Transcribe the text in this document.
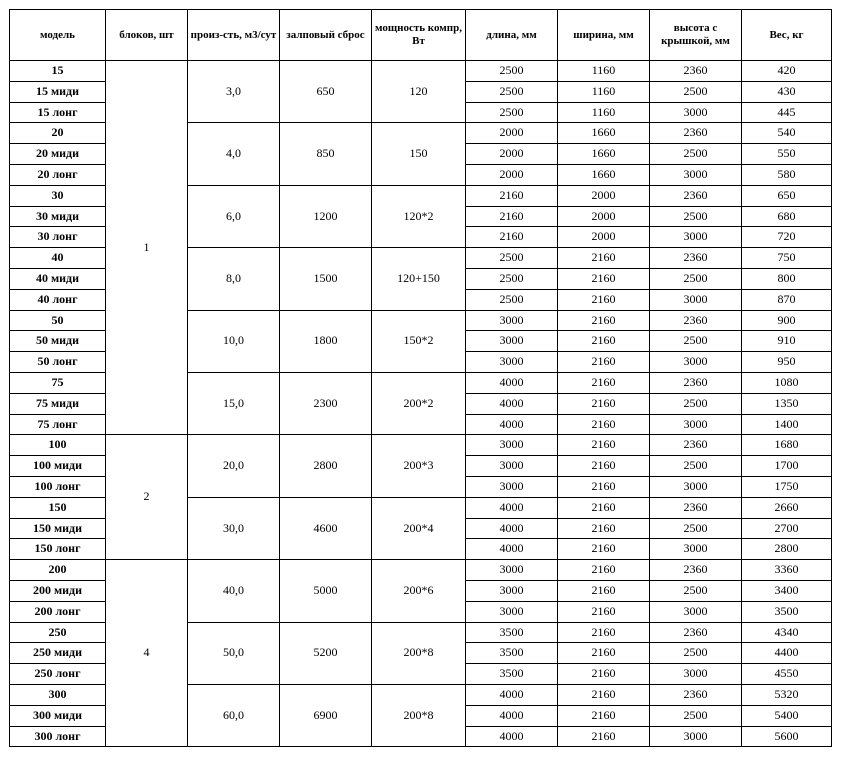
модель	блоков, шт	произ-сть, м3/сут	залповый сброс	мощность компр, Вт	длина, мм	ширина, мм	высота с крышкой, мм	Вес, кг
15	1	3,0	650	120	2500	1160	2360	420
15 миди					2500	1160	2500	430
15 лонг					2500	1160	3000	445
20		4,0	850	150	2000	1660	2360	540
20 миди					2000	1660	2500	550
20 лонг					2000	1660	3000	580
30		6,0	1200	120*2	2160	2000	2360	650
30 миди					2160	2000	2500	680
30 лонг					2160	2000	3000	720
40		8,0	1500	120+150	2500	2160	2360	750
40 миди					2500	2160	2500	800
40 лонг					2500	2160	3000	870
50		10,0	1800	150*2	3000	2160	2360	900
50 миди					3000	2160	2500	910
50 лонг					3000	2160	3000	950
75		15,0	2300	200*2	4000	2160	2360	1080
75 миди					4000	2160	2500	1350
75 лонг					4000	2160	3000	1400
100	2	20,0	2800	200*3	3000	2160	2360	1680
100 миди					3000	2160	2500	1700
100 лонг					3000	2160	3000	1750
150		30,0	4600	200*4	4000	2160	2360	2660
150 миди					4000	2160	2500	2700
150 лонг					4000	2160	3000	2800
200	4	40,0	5000	200*6	3000	2160	2360	3360
200 миди					3000	2160	2500	3400
200 лонг					3000	2160	3000	3500
250		50,0	5200	200*8	3500	2160	2360	4340
250 миди					3500	2160	2500	4400
250 лонг					3500	2160	3000	4550
300		60,0	6900	200*8	4000	2160	2360	5320
300 миди					4000	2160	2500	5400
300 лонг					4000	2160	3000	5600
